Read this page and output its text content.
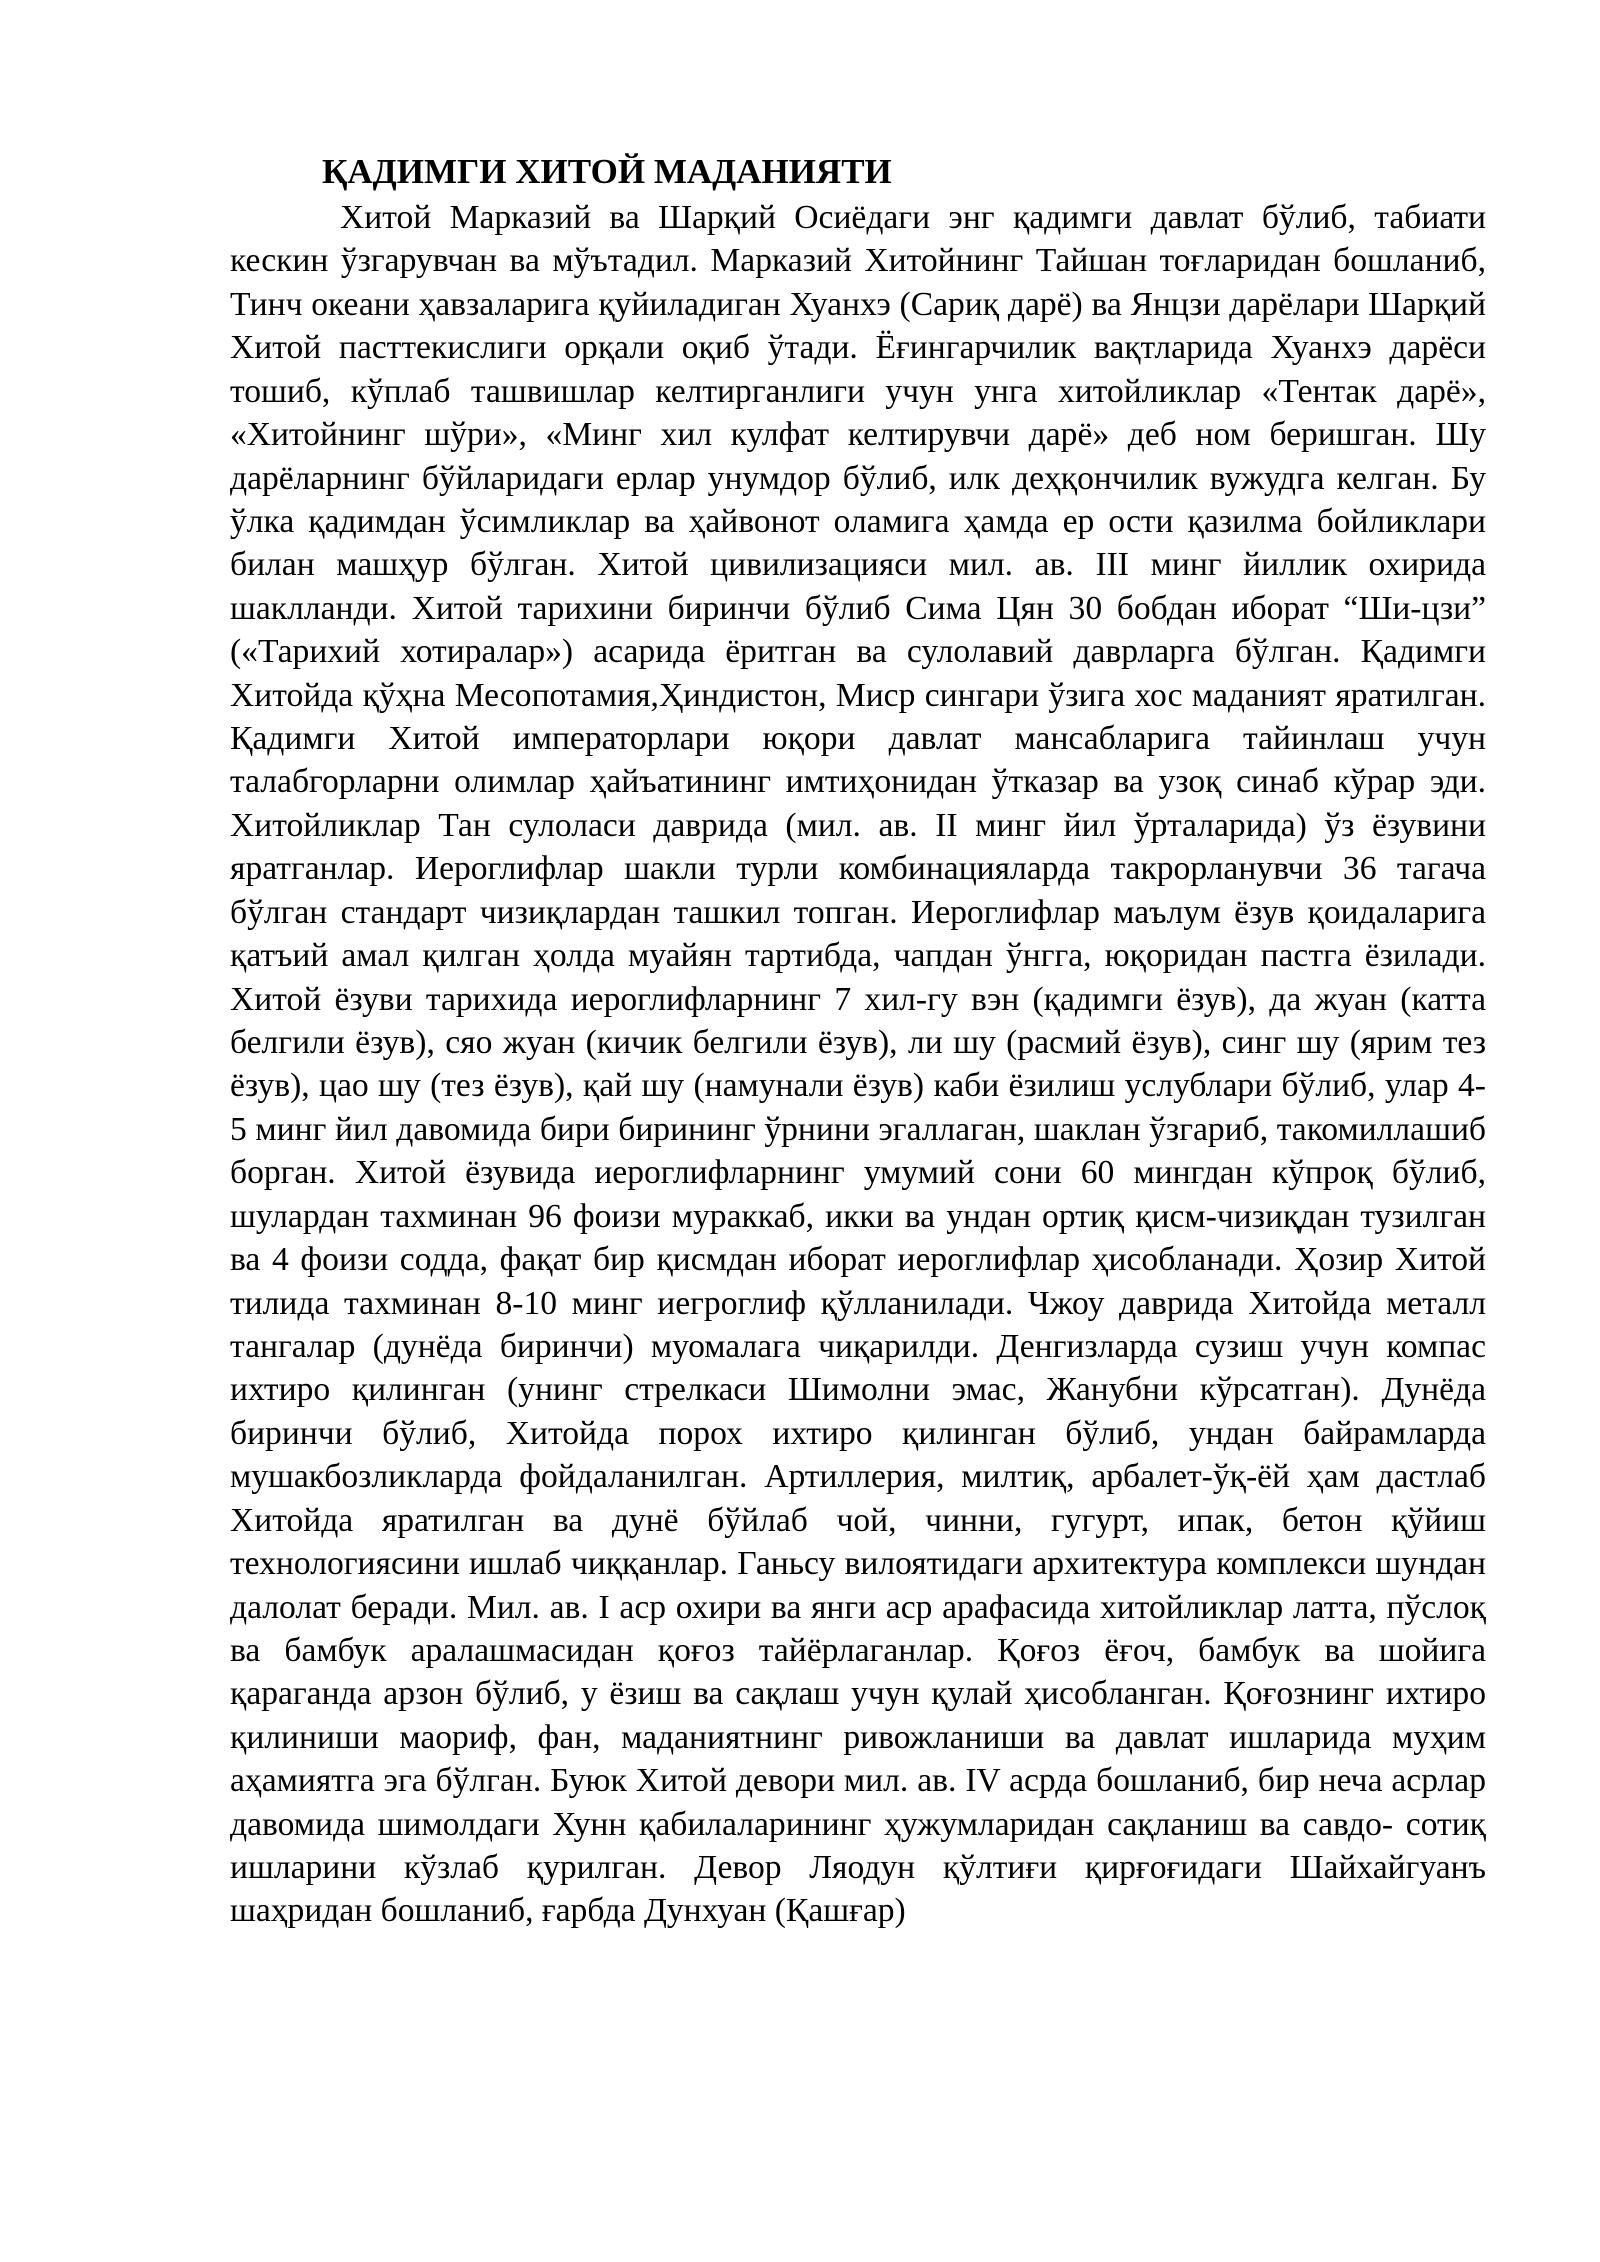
ҚАДИМГИ ХИТОЙ МАДАНИЯТИ

Хитой Марказий ва Шарқий Осиёдаги энг қадимги давлат бўлиб, табиати кескин ўзгарувчан ва мўътадил. Марказий Хитойнинг Тайшан тоғларидан бошланиб, Тинч океани ҳавзаларига қуйиладиган Хуанхэ (Сариқ дарё) ва Янцзи дарёлари Шарқий Хитой пасттекислиги орқали оқиб ўтади. Ёғингарчилик вақтларида Хуанхэ дарёси тошиб, кўплаб ташвишлар келтирганлиги учун унга хитойликлар «Тентак дарё», «Хитойнинг шўри», «Минг хил кулфат келтирувчи дарё» деб ном беришган. Шу дарёларнинг бўйларидаги ерлар унумдор бўлиб, илк деҳқончилик вужудга келган. Бу ўлка қадимдан ўсимликлар ва ҳайвонот оламига ҳамда ер ости қазилма бойликлари билан машҳур бўлган. Хитой цивилизацияси мил. ав. III минг йиллик охирида шаклланди. Хитой тарихини биринчи бўлиб Сима Цян 30 бобдан иборат “Ши-цзи” («Тарихий хотиралар») асарида ёритган ва сулолавий даврларга бўлган. Қадимги Хитойда қўҳна Месопотамия,Ҳиндистон, Миср сингари ўзига хос маданият яратилган. Қадимги Хитой императорлари юқори давлат мансабларига тайинлаш учун талабгорларни олимлар ҳайъатининг имтиҳонидан ўтказар ва узоқ синаб кўрар эди. Хитойликлар Тан сулоласи даврида (мил. ав. II минг йил ўрталарида) ўз ёзувини яратганлар. Иероглифлар шакли турли комбинацияларда такрорланувчи 36 тагача бўлган стандарт чизиқлардан ташкил топган. Иероглифлар маълум ёзув қоидаларига қатъий амал қилган ҳолда муайян тартибда, чапдан ўнгга, юқоридан пастга ёзилади. Хитой ёзуви тарихида иероглифларнинг 7 хил-гу вэн (қадимги ёзув), да жуан (катта белгили ёзув), сяо жуан (кичик белгили ёзув), ли шу (расмий ёзув), синг шу (ярим тез ёзув), цао шу (тез ёзув), қай шу (намунали ёзув) каби ёзилиш услублари бўлиб, улар 4-5 минг йил давомида бири бирининг ўрнини эгаллаган, шаклан ўзгариб, такомиллашиб борган. Хитой ёзувида иероглифларнинг умумий сони 60 мингдан кўпроқ бўлиб, шулардан тахминан 96 фоизи мураккаб, икки ва ундан ортиқ қисм-чизиқдан тузилган ва 4 фоизи содда, фақат бир қисмдан иборат иероглифлар ҳисобланади. Ҳозир Хитой тилида тахминан 8-10 минг иегроглиф қўлланилади. Чжоу даврида Хитойда металл тангалар (дунёда биринчи) муомалага чиқарилди. Денгизларда сузиш учун компас ихтиро қилинган (унинг стрелкаси Шимолни эмас, Жанубни кўрсатган). Дунёда биринчи бўлиб, Хитойда порох ихтиро қилинган бўлиб, ундан байрамларда мушакбозликларда фойдаланилган. Артиллерия, милтиқ, арбалет-ўқ-ёй ҳам дастлаб Хитойда яратилган ва дунё бўйлаб чой, чинни, гугурт, ипак, бетон қўйиш технологиясини ишлаб чиққанлар. Ганьсу вилоятидаги архитектура комплекси шундан далолат беради. Мил. ав. I аср охири ва янги аср арафасида хитойликлар латта, пўслоқ ва бамбук аралашмасидан қоғоз тайёрлаганлар. Қоғоз ёғоч, бамбук ва шойига қараганда арзон бўлиб, у ёзиш ва сақлаш учун қулай ҳисобланган. Қоғознинг ихтиро қилиниши маориф, фан, маданиятнинг ривожланиши ва давлат ишларида муҳим аҳамиятга эга бўлган. Буюк Хитой девори мил. ав. IV асрда бошланиб, бир неча асрлар давомида шимолдаги Хунн қабилаларининг ҳужумларидан сақланиш ва савдо- сотиқ ишларини кўзлаб қурилган. Девор Ляодун қўлтиғи қирғоғидаги Шайхайгуанъ шаҳридан бошланиб, ғарбда Дунхуан (Қашғар)
